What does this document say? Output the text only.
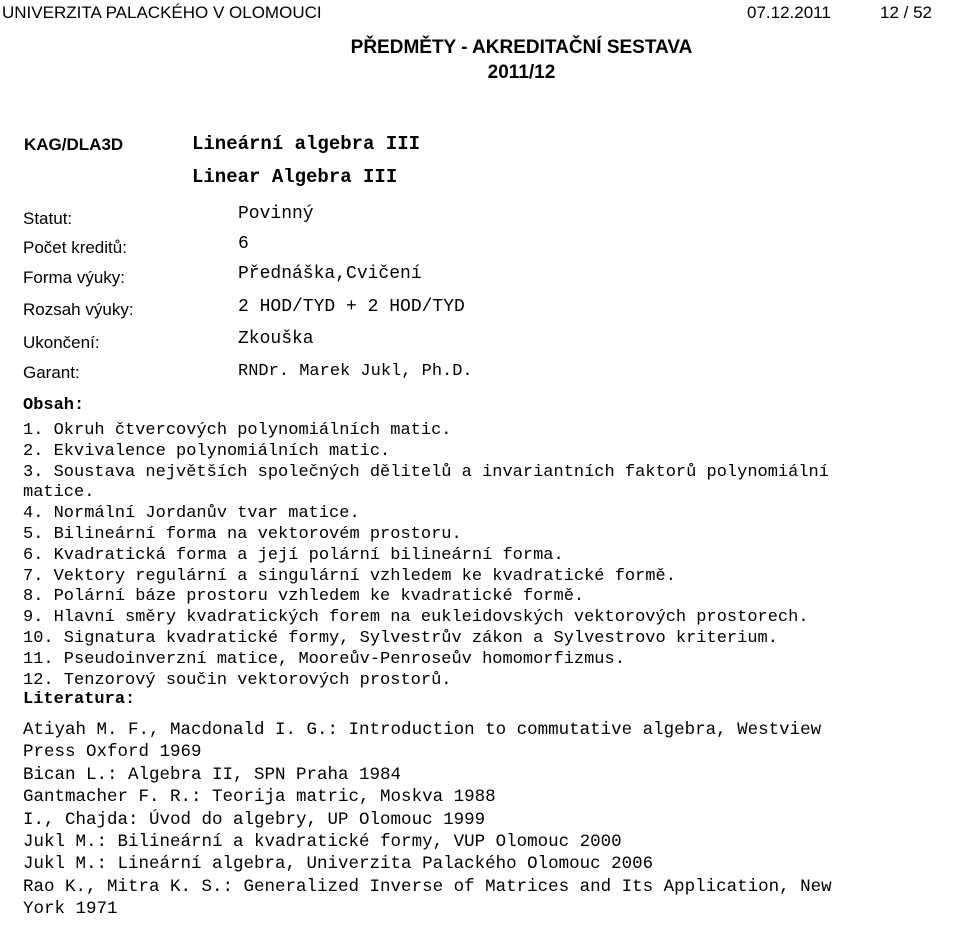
UNIVERZITA PALACKÉHO V OLOMOUCI	07.12.2011	12 / 52
PŘEDMĚTY - AKREDITAČNÍ SESTAVA
2011/12
KAG/DLA3D	Lineární algebra III
Linear Algebra III
Statut:	Povinný
Počet kreditů:	6
Forma výuky:	Přednáška,Cvičení
Rozsah výuky:	2 HOD/TYD + 2 HOD/TYD
Ukončení:	Zkouška
Garant:	RNDr. Marek Jukl, Ph.D.
Obsah:
1. Okruh čtvercových polynomiálních matic.
2. Ekvivalence polynomiálních matic.
3. Soustava největších společných dělitelů a invariantních faktorů polynomiální
matice.
4. Normální Jordanův tvar matice.
5. Bilineární forma na vektorovém prostoru.
6. Kvadratická forma a její polární bilineární forma.
7. Vektory regulární a singulární vzhledem ke kvadratické formě.
8. Polární báze prostoru vzhledem ke kvadratické formě.
9. Hlavní směry kvadratických forem na eukleidovských vektorových prostorech.
10. Signatura kvadratické formy, Sylvestrův zákon a Sylvestrovo kriterium.
11. Pseudoinverzní matice, Mooreův-Penroseův homomorfizmus.
12. Tenzorový součin vektorových prostorů.
Literatura:
Atiyah M. F., Macdonald I. G.: Introduction to commutative algebra, Westview
Press Oxford 1969
Bican L.: Algebra II, SPN Praha 1984
Gantmacher F. R.: Teorija matric, Moskva 1988
I., Chajda: Úvod do algebry, UP Olomouc 1999
Jukl M.: Bilineární a kvadratické formy, VUP Olomouc 2000
Jukl M.: Lineární algebra, Univerzita Palackého Olomouc 2006
Rao K., Mitra K. S.: Generalized Inverse of Matrices and Its Application, New
York 1971
